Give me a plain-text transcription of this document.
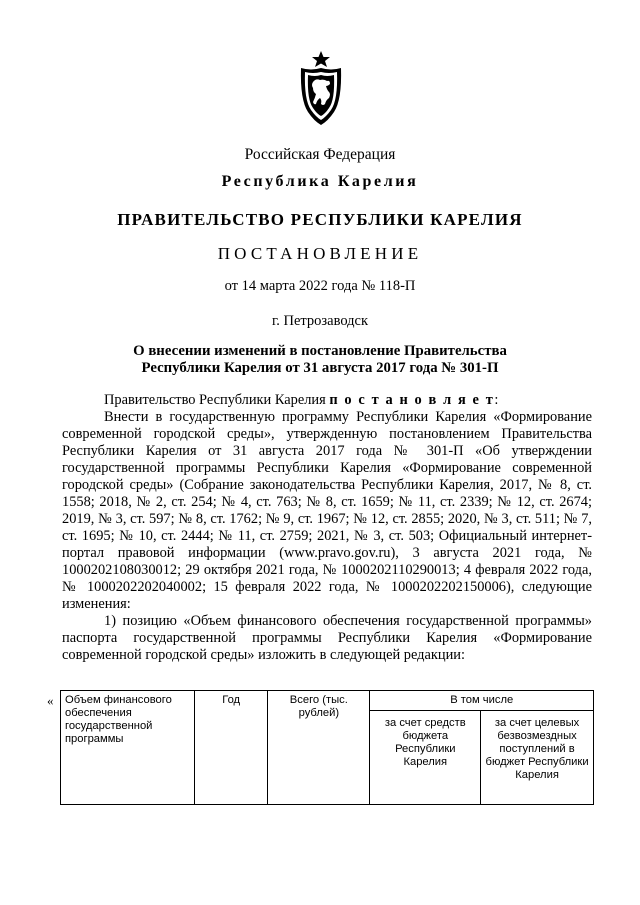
Российская Федерация
Республика Карелия
ПРАВИТЕЛЬСТВО РЕСПУБЛИКИ КАРЕЛИЯ
ПОСТАНОВЛЕНИЕ
от 14 марта 2022 года № 118-П
г. Петрозаводск
О внесении изменений в постановление Правительства
Республики Карелия от 31 августа 2017 года № 301-П

Правительство Республики Карелия п о с т а н о в л я е т:

Внести в государственную программу Республики Карелия «Формирование современной городской среды», утвержденную постановлением Правительства Республики Карелия от 31 августа 2017 года № 301-П «Об утверждении государственной программы Республики Карелия «Формирование современной городской среды» (Собрание законодательства Республики Карелия, 2017, № 8, ст. 1558; 2018, № 2, ст. 254; № 4, ст. 763; № 8, ст. 1659; № 11, ст. 2339; № 12, ст. 2674; 2019, № 3, ст. 597; № 8, ст. 1762; № 9, ст. 1967; № 12, ст. 2855; 2020, № 3, ст. 511; № 7, ст. 1695; № 10, ст. 2444; № 11, ст. 2759; 2021, № 3, ст. 503; Официальный интернет-портал правовой информации (www.pravo.gov.ru), 3 августа 2021 года, № 1000202108030012; 29 октября 2021 года, № 1000202110290013; 4 февраля 2022 года, № 1000202202040002; 15 февраля 2022 года, № 1000202202150006), следующие изменения:

1) позицию «Объем финансового обеспечения государственной программы» паспорта государственной программы Республики Карелия «Формирование современной городской среды» изложить в следующей редакции:

« Объем финансового обеспечения государственной программы	Год	Всего (тыс. рублей)	В том числе	
			за счет средств бюджета Республики Карелия	за счет целевых безвозмездных поступлений в бюджет Республики Карелия
